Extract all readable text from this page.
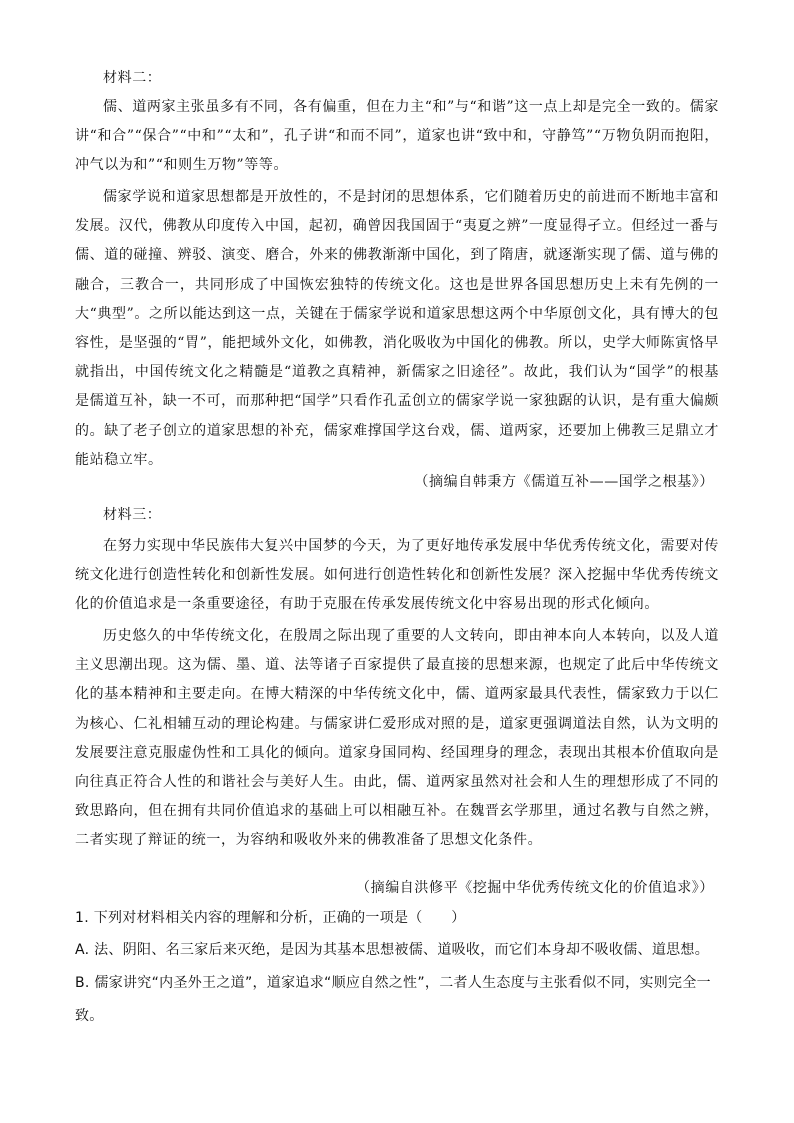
材料二：

儒、道两家主张虽多有不同，各有偏重，但在力主“和”与“和谐”这一点上却是完全一致的。儒家讲“和合”“保合”“中和”“太和”，孔子讲“和而不同”，道家也讲“致中和，守静笃”“万物负阴而抱阳，冲气以为和”“和则生万物”等等。

儒家学说和道家思想都是开放性的，不是封闭的思想体系，它们随着历史的前进而不断地丰富和发展。汉代，佛教从印度传入中国，起初，确曾因我国固于“夷夏之辨”一度显得孑立。但经过一番与儒、道的碰撞、辨驳、演变、磨合，外来的佛教渐渐中国化，到了隋唐，就逐渐实现了儒、道与佛的融合，三教合一，共同形成了中国恢宏独特的传统文化。这也是世界各国思想历史上未有先例的一大“典型”。之所以能达到这一点，关键在于儒家学说和道家思想这两个中华原创文化，具有博大的包容性，是坚强的“胃”，能把域外文化，如佛教，消化吸收为中国化的佛教。所以，史学大师陈寅恪早就指出，中国传统文化之精髓是“道教之真精神，新儒家之旧途径”。故此，我们认为“国学”的根基是儒道互补，缺一不可，而那种把“国学”只看作孔孟创立的儒家学说一家独踞的认识，是有重大偏颇的。缺了老子创立的道家思想的补充，儒家难撑国学这台戏，儒、道两家，还要加上佛教三足鼎立才能站稳立牢。

（摘编自韩秉方《儒道互补——国学之根基》）
材料三：

在努力实现中华民族伟大复兴中国梦的今天，为了更好地传承发展中华优秀传统文化，需要对传统文化进行创造性转化和创新性发展。如何进行创造性转化和创新性发展？深入挖掘中华优秀传统文化的价值追求是一条重要途径，有助于克服在传承发展传统文化中容易出现的形式化倾向。

历史悠久的中华传统文化，在殷周之际出现了重要的人文转向，即由神本向人本转向，以及人道主义思潮出现。这为儒、墨、道、法等诸子百家提供了最直接的思想来源，也规定了此后中华传统文化的基本精神和主要走向。在博大精深的中华传统文化中，儒、道两家最具代表性，儒家致力于以仁为核心、仁礼相辅互动的理论构建。与儒家讲仁爱形成对照的是，道家更强调道法自然，认为文明的发展要注意克服虚伪性和工具化的倾向。道家身国同构、经国理身的理念，表现出其根本价值取向是向往真正符合人性的和谐社会与美好人生。由此，儒、道两家虽然对社会和人生的理想形成了不同的致思路向，但在拥有共同价值追求的基础上可以相融互补。在魏晋玄学那里，通过名教与自然之辨，二者实现了辩证的统一，为容纳和吸收外来的佛教准备了思想文化条件。

（摘编自洪修平《挖掘中华优秀传统文化的价值追求》）

1. 下列对材料相关内容的理解和分析，正确的一项是（　　）

A. 法、阴阳、名三家后来灭绝，是因为其基本思想被儒、道吸收，而它们本身却不吸收儒、道思想。

B. 儒家讲究“内圣外王之道”，道家追求“顺应自然之性”，二者人生态度与主张看似不同，实则完全一致。
